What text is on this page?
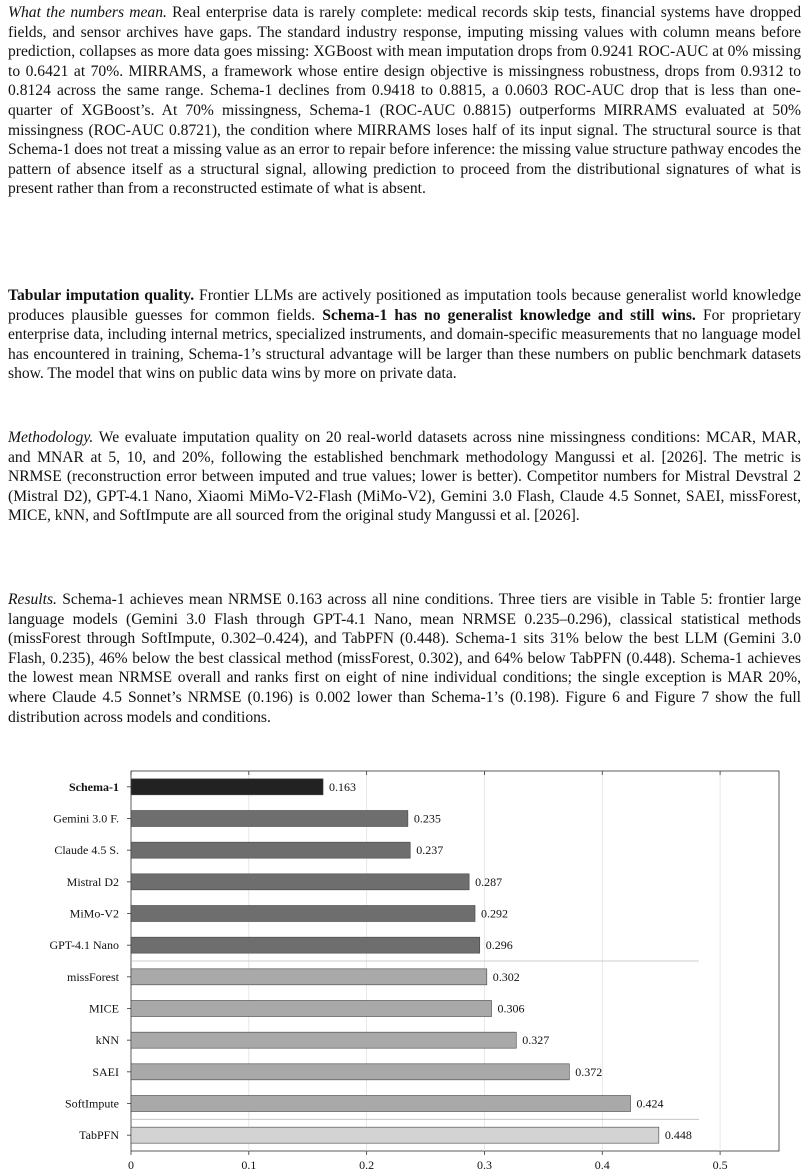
What the numbers mean. Real enterprise data is rarely complete: medical records skip tests, financial systems have dropped fields, and sensor archives have gaps. The standard industry response, imputing missing values with column means before prediction, collapses as more data goes missing: XGBoost with mean imputation drops from 0.9241 ROC-AUC at 0% missing to 0.6421 at 70%. MIRRAMS, a framework whose entire design objective is missingness robustness, drops from 0.9312 to 0.8124 across the same range. Schema-1 declines from 0.9418 to 0.8815, a 0.0603 ROC-AUC drop that is less than one-quarter of XGBoost’s. At 70% missingness, Schema-1 (ROC-AUC 0.8815) outperforms MIRRAMS evaluated at 50% missingness (ROC-AUC 0.8721), the condition where MIRRAMS loses half of its input signal. The structural source is that Schema-1 does not treat a missing value as an error to repair before inference: the missing value structure pathway encodes the pattern of absence itself as a structural signal, allowing prediction to proceed from the distributional signatures of what is present rather than from a reconstructed estimate of what is absent.

Tabular imputation quality. Frontier LLMs are actively positioned as imputation tools because generalist world knowledge produces plausible guesses for common fields. Schema-1 has no generalist knowledge and still wins. For proprietary enterprise data, including internal metrics, specialized instruments, and domain-specific measurements that no language model has encountered in training, Schema-1’s structural advantage will be larger than these numbers on public benchmark datasets show. The model that wins on public data wins by more on private data.

Methodology. We evaluate imputation quality on 20 real-world datasets across nine missingness conditions: MCAR, MAR, and MNAR at 5, 10, and 20%, following the established benchmark methodology Mangussi et al. [2026]. The metric is NRMSE (reconstruction error between imputed and true values; lower is better). Competitor numbers for Mistral Devstral 2 (Mistral D2), GPT-4.1 Nano, Xiaomi MiMo-V2-Flash (MiMo-V2), Gemini 3.0 Flash, Claude 4.5 Sonnet, SAEI, missForest, MICE, kNN, and SoftImpute are all sourced from the original study Mangussi et al. [2026].

Results. Schema-1 achieves mean NRMSE 0.163 across all nine conditions. Three tiers are visible in Table 5: frontier large language models (Gemini 3.0 Flash through GPT-4.1 Nano, mean NRMSE 0.235–0.296), classical statistical methods (missForest through SoftImpute, 0.302–0.424), and TabPFN (0.448). Schema-1 sits 31% below the best LLM (Gemini 3.0 Flash, 0.235), 46% below the best classical method (missForest, 0.302), and 64% below TabPFN (0.448). Schema-1 achieves the lowest mean NRMSE overall and ranks first on eight of nine individual conditions; the single exception is MAR 20%, where Claude 4.5 Sonnet’s NRMSE (0.196) is 0.002 lower than Schema-1’s (0.198). Figure 6 and Figure 7 show the full distribution across models and conditions.

0	0.1	0.2	0.3	0.4	0.5
Schema-1	0.163
Gemini 3.0 F.	0.235
Claude 4.5 S.	0.237
Mistral D2	0.287
MiMo-V2	0.292
GPT-4.1 Nano	0.296
missForest	0.302
MICE	0.306
kNN	0.327
SAEI	0.372
SoftImpute	0.424
TabPFN	0.448
